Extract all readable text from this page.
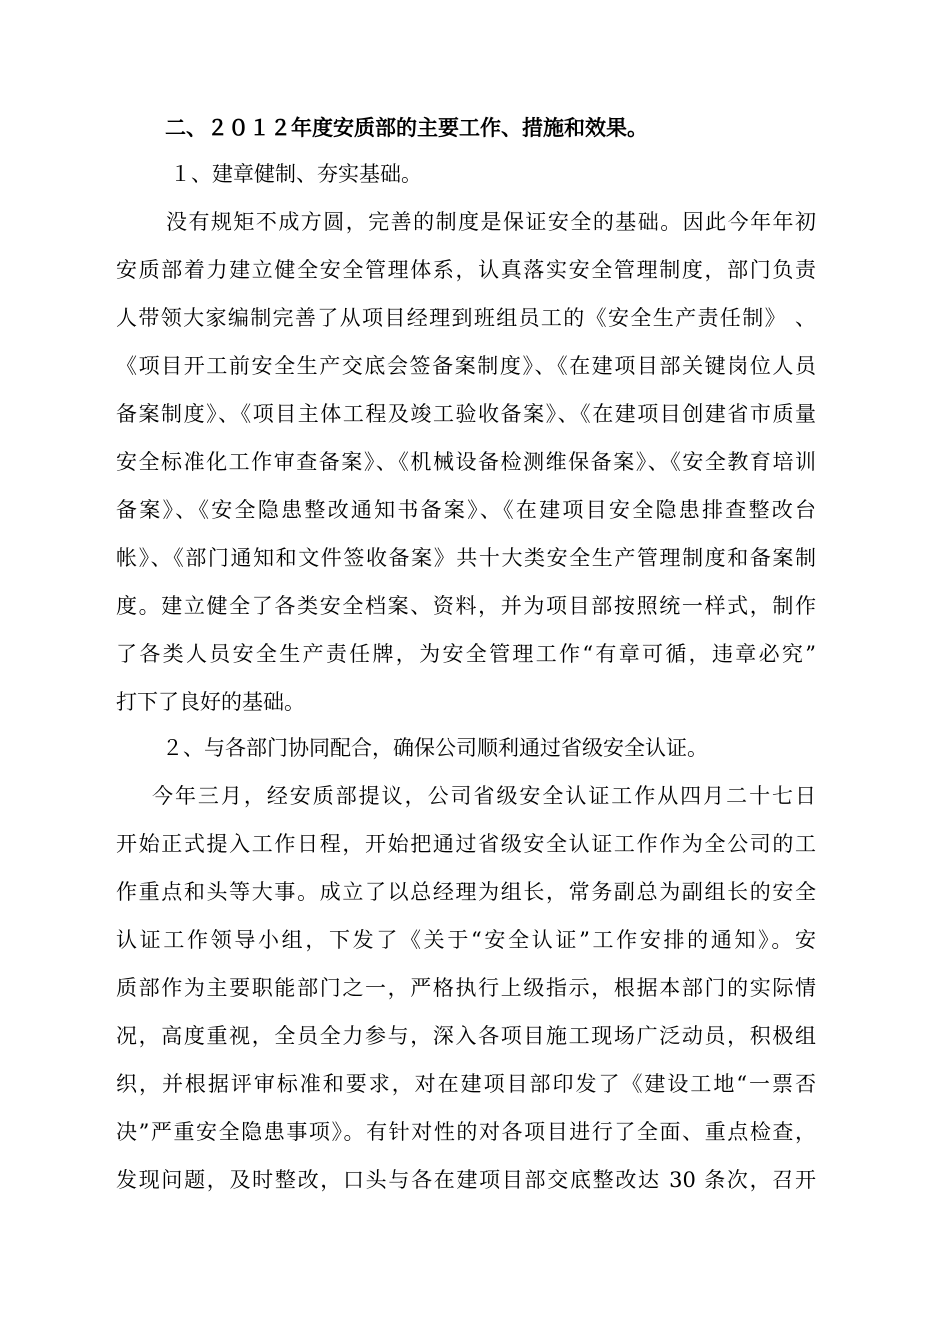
二、２０１２年度安质部的主要工作、措施和效果。
１、建章健制、夯实基础。
没有规矩不成方圆，完善的制度是保证安全的基础。因此今年年初
安质部着力建立健全安全管理体系，认真落实安全管理制度，部门负责
人带领大家编制完善了从项目经理到班组员工的《安全生产责任制》 、
《项目开工前安全生产交底会签备案制度》、《在建项目部关键岗位人员
备案制度》、《项目主体工程及竣工验收备案》、《在建项目创建省市质量
安全标准化工作审查备案》、《机械设备检测维保备案》、《安全教育培训
备案》、《安全隐患整改通知书备案》、《在建项目安全隐患排查整改台
帐》、《部门通知和文件签收备案》共十大类安全生产管理制度和备案制
度。建立健全了各类安全档案、资料，并为项目部按照统一样式，制作
了各类人员安全生产责任牌，为安全管理工作“有章可循，违章必究”
打下了良好的基础。
２、与各部门协同配合，确保公司顺利通过省级安全认证。
今年三月，经安质部提议，公司省级安全认证工作从四月二十七日
开始正式提入工作日程，开始把通过省级安全认证工作作为全公司的工
作重点和头等大事。成立了以总经理为组长，常务副总为副组长的安全
认证工作领导小组，下发了《关于“安全认证”工作安排的通知》。安
质部作为主要职能部门之一，严格执行上级指示，根据本部门的实际情
况，高度重视，全员全力参与，深入各项目施工现场广泛动员，积极组
织，并根据评审标准和要求，对在建项目部印发了《建设工地“一票否
决”严重安全隐患事项》。有针对性的对各项目进行了全面、重点检查，
发现问题，及时整改，口头与各在建项目部交底整改达 30 条次，召开
